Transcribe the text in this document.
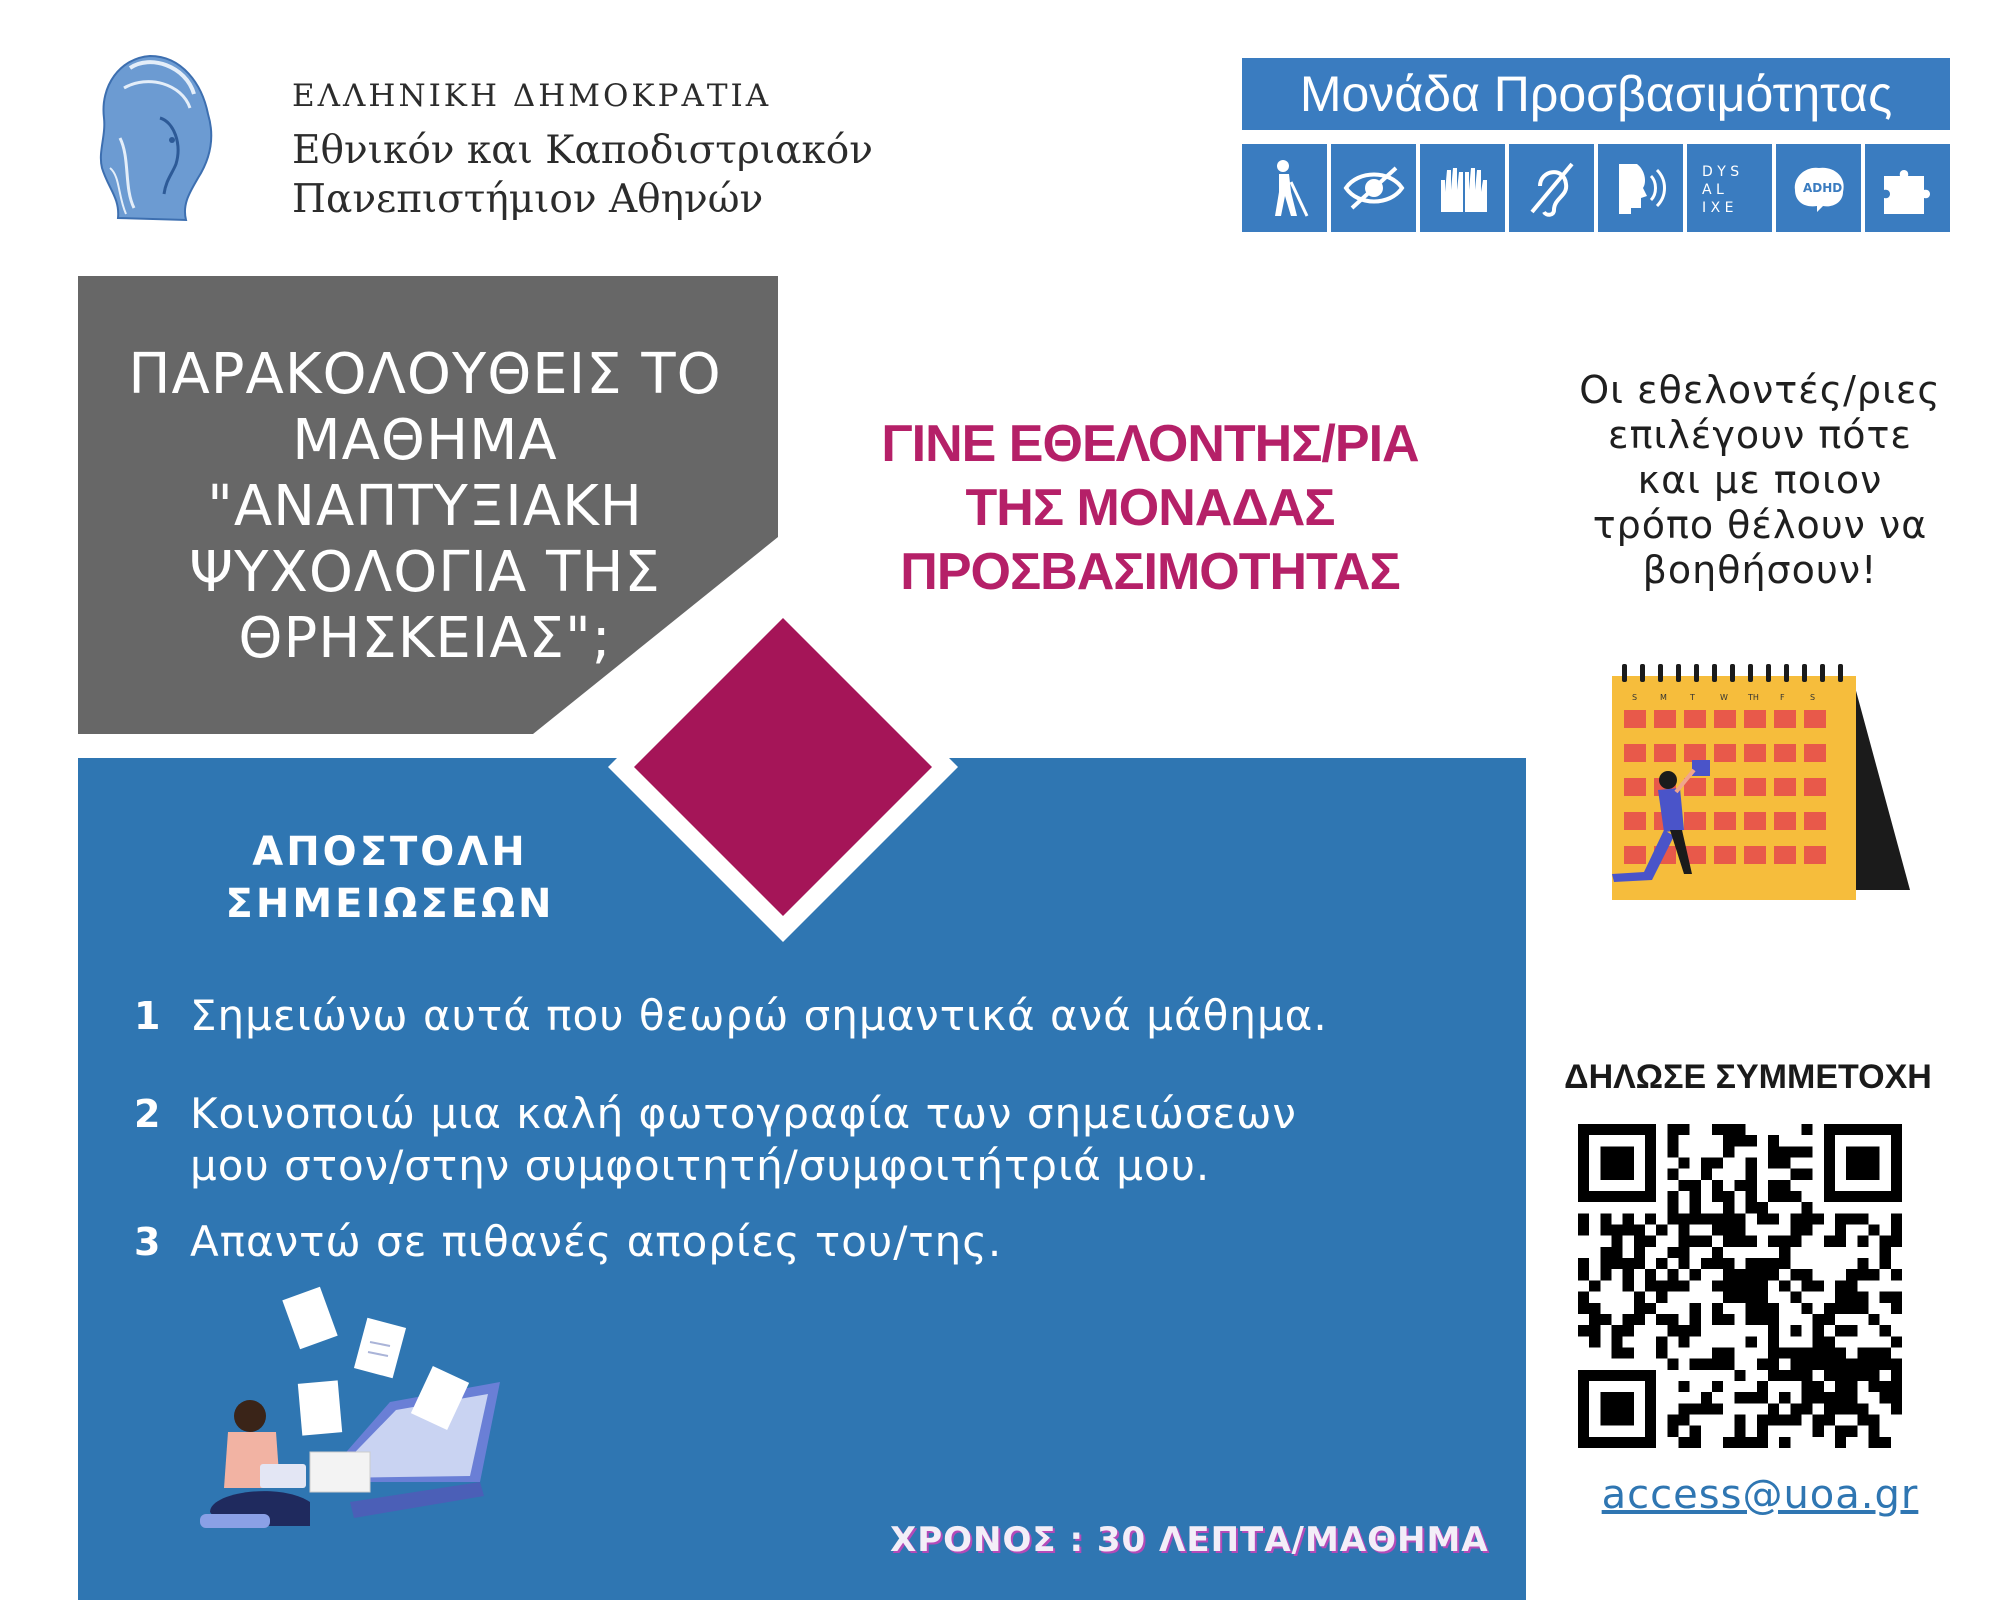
ΕΛΛΗΝΙΚΗ ΔΗΜΟΚΡΑΤΙΑ
Εθνικόν και Καποδιστριακόν
Πανεπιστήμιον Αθηνών
Μονάδα Προσβασιμότητας
D Y S
A L
I X E
ADHD
ΠΑΡΑΚΟΛΟΥΘΕΙΣ ΤΟ
ΜΑΘΗΜΑ
"ΑΝΑΠΤΥΞΙΑΚΗ
ΨΥΧΟΛΟΓΙΑ ΤΗΣ
ΘΡΗΣΚΕΙΑΣ";
ΓΙΝΕ ΕΘΕΛΟΝΤΗΣ/ΡΙΑ
ΤΗΣ ΜΟΝΑΔΑΣ
ΠΡΟΣΒΑΣΙΜΟΤΗΤΑΣ
ΑΠΟΣΤΟΛΗ
ΣΗΜΕΙΩΣΕΩΝ
1 Σημειώνω αυτά που θεωρώ σημαντικά ανά μάθημα.
2 Κοινοποιώ μια καλή φωτογραφία των σημειώσεων
μου στον/στην συμφοιτητή/συμφοιτήτριά μου.
3 Απαντώ σε πιθανές απορίες του/της.
ΧΡΟΝΟΣ : 30 ΛΕΠΤΑ/ΜΑΘΗΜΑ
Οι εθελοντές/ριες
επιλέγουν πότε
και με ποιον
τρόπο θέλουν να
βοηθήσουν!
S	M	T	W	TH	F	S
ΔΗΛΩΣΕ ΣΥΜΜΕΤΟΧΗ
access@uoa.gr
